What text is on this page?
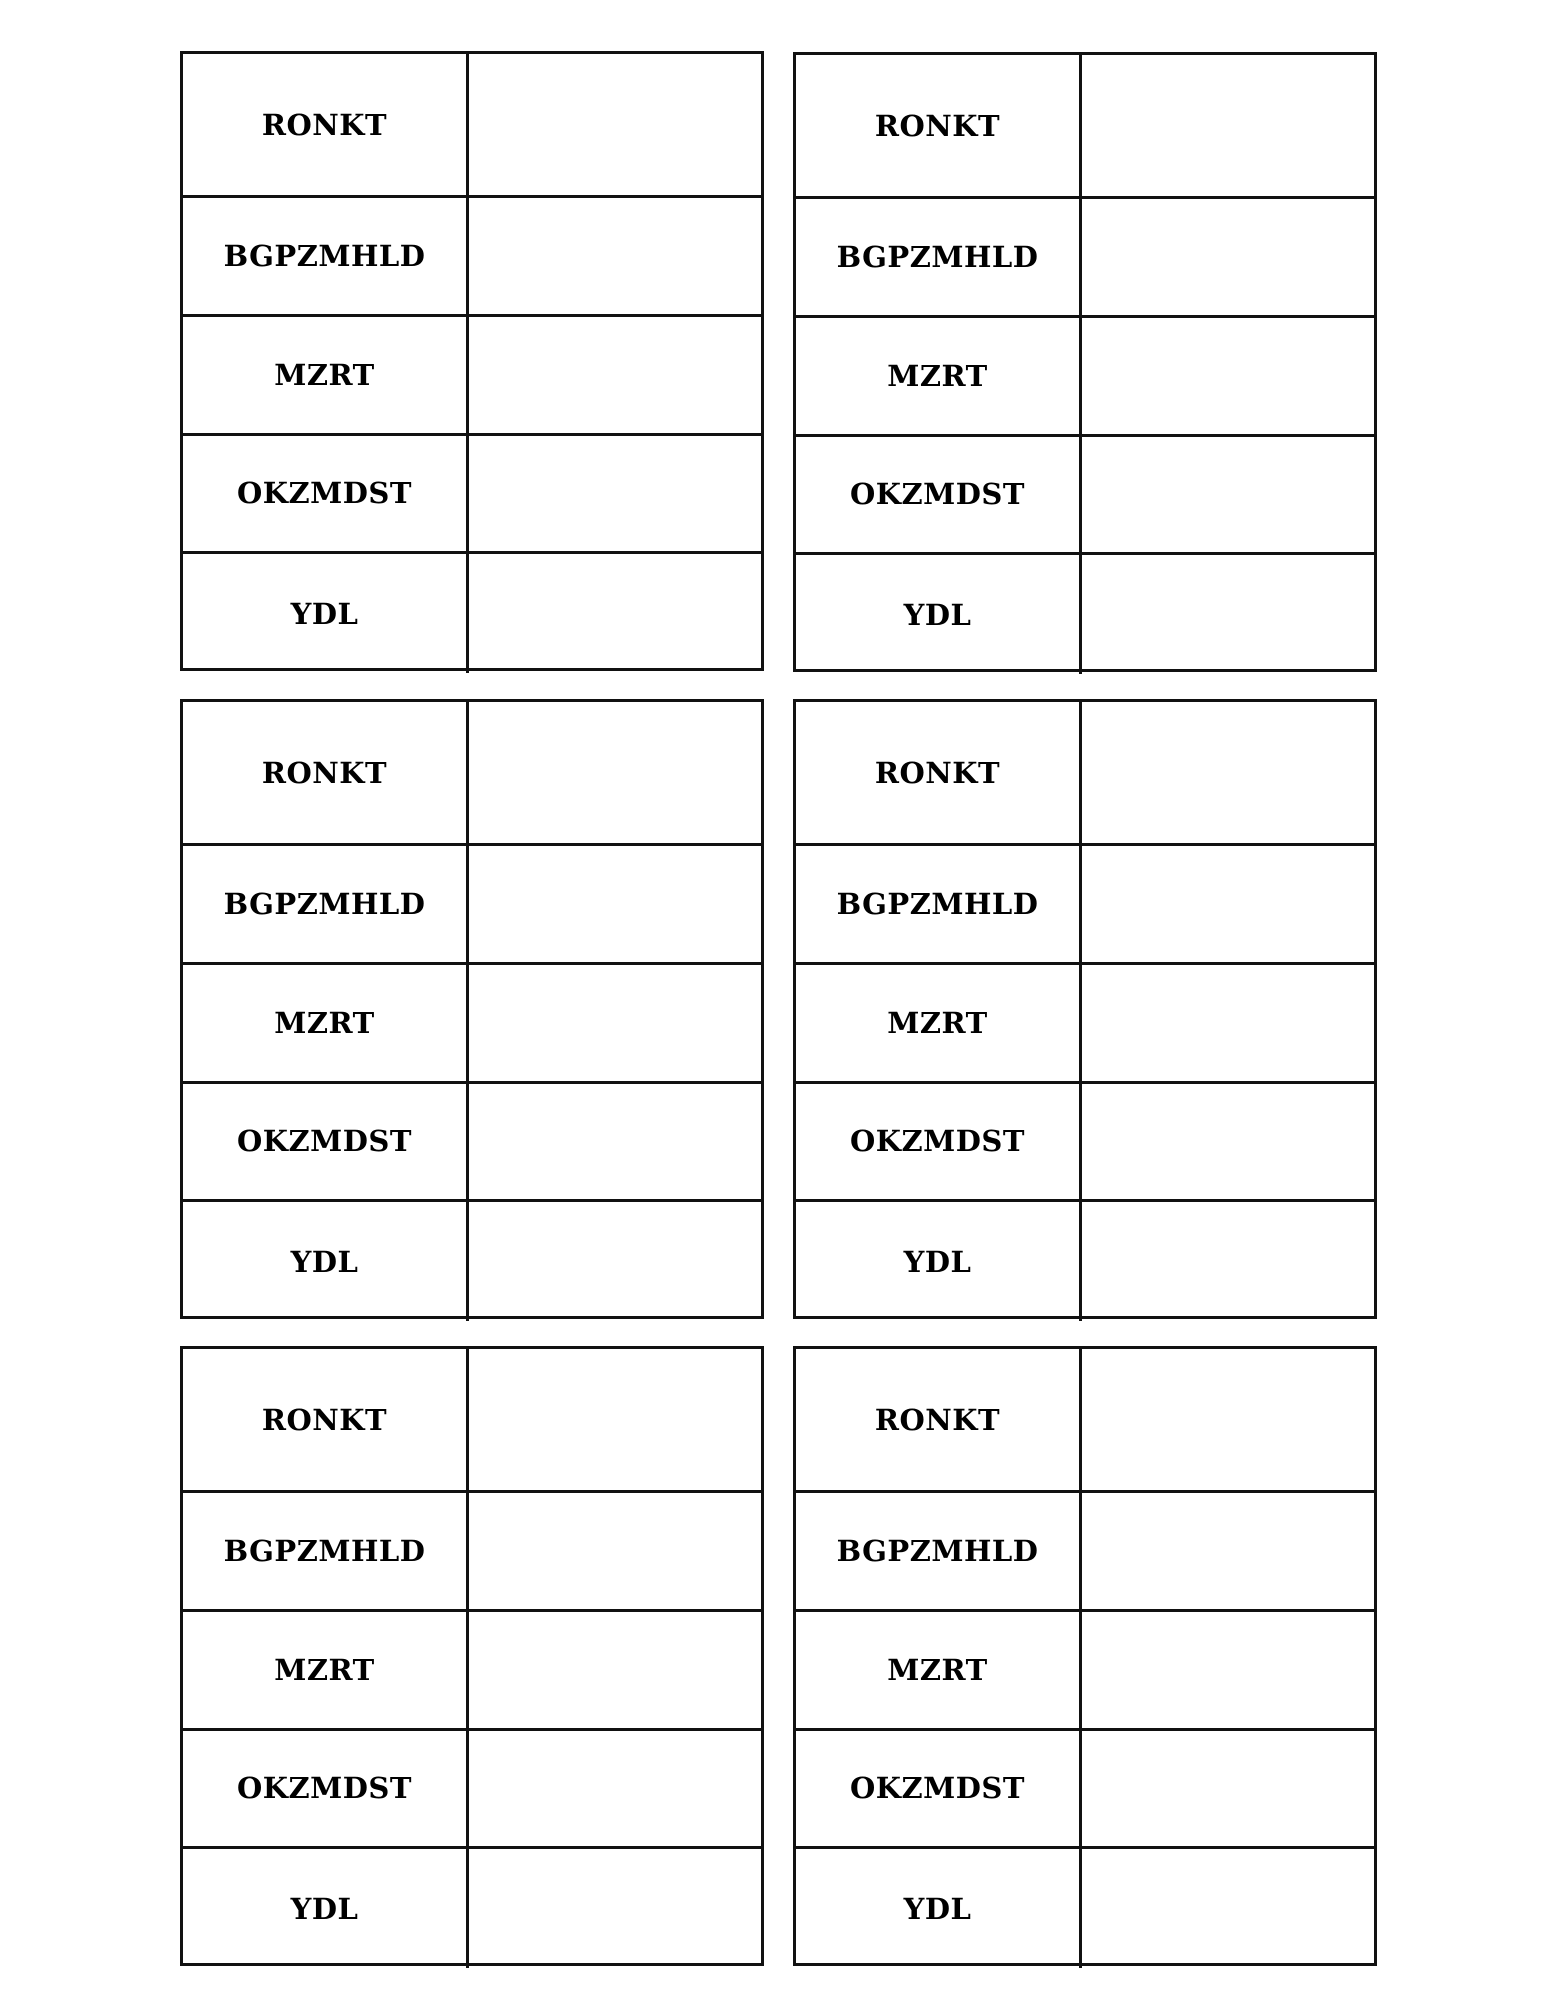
RONKT
BGPZMHLD
MZRT
OKZMDST
YDL
RONKT
BGPZMHLD
MZRT
OKZMDST
YDL
RONKT
BGPZMHLD
MZRT
OKZMDST
YDL
RONKT
BGPZMHLD
MZRT
OKZMDST
YDL
RONKT
BGPZMHLD
MZRT
OKZMDST
YDL
RONKT
BGPZMHLD
MZRT
OKZMDST
YDL
